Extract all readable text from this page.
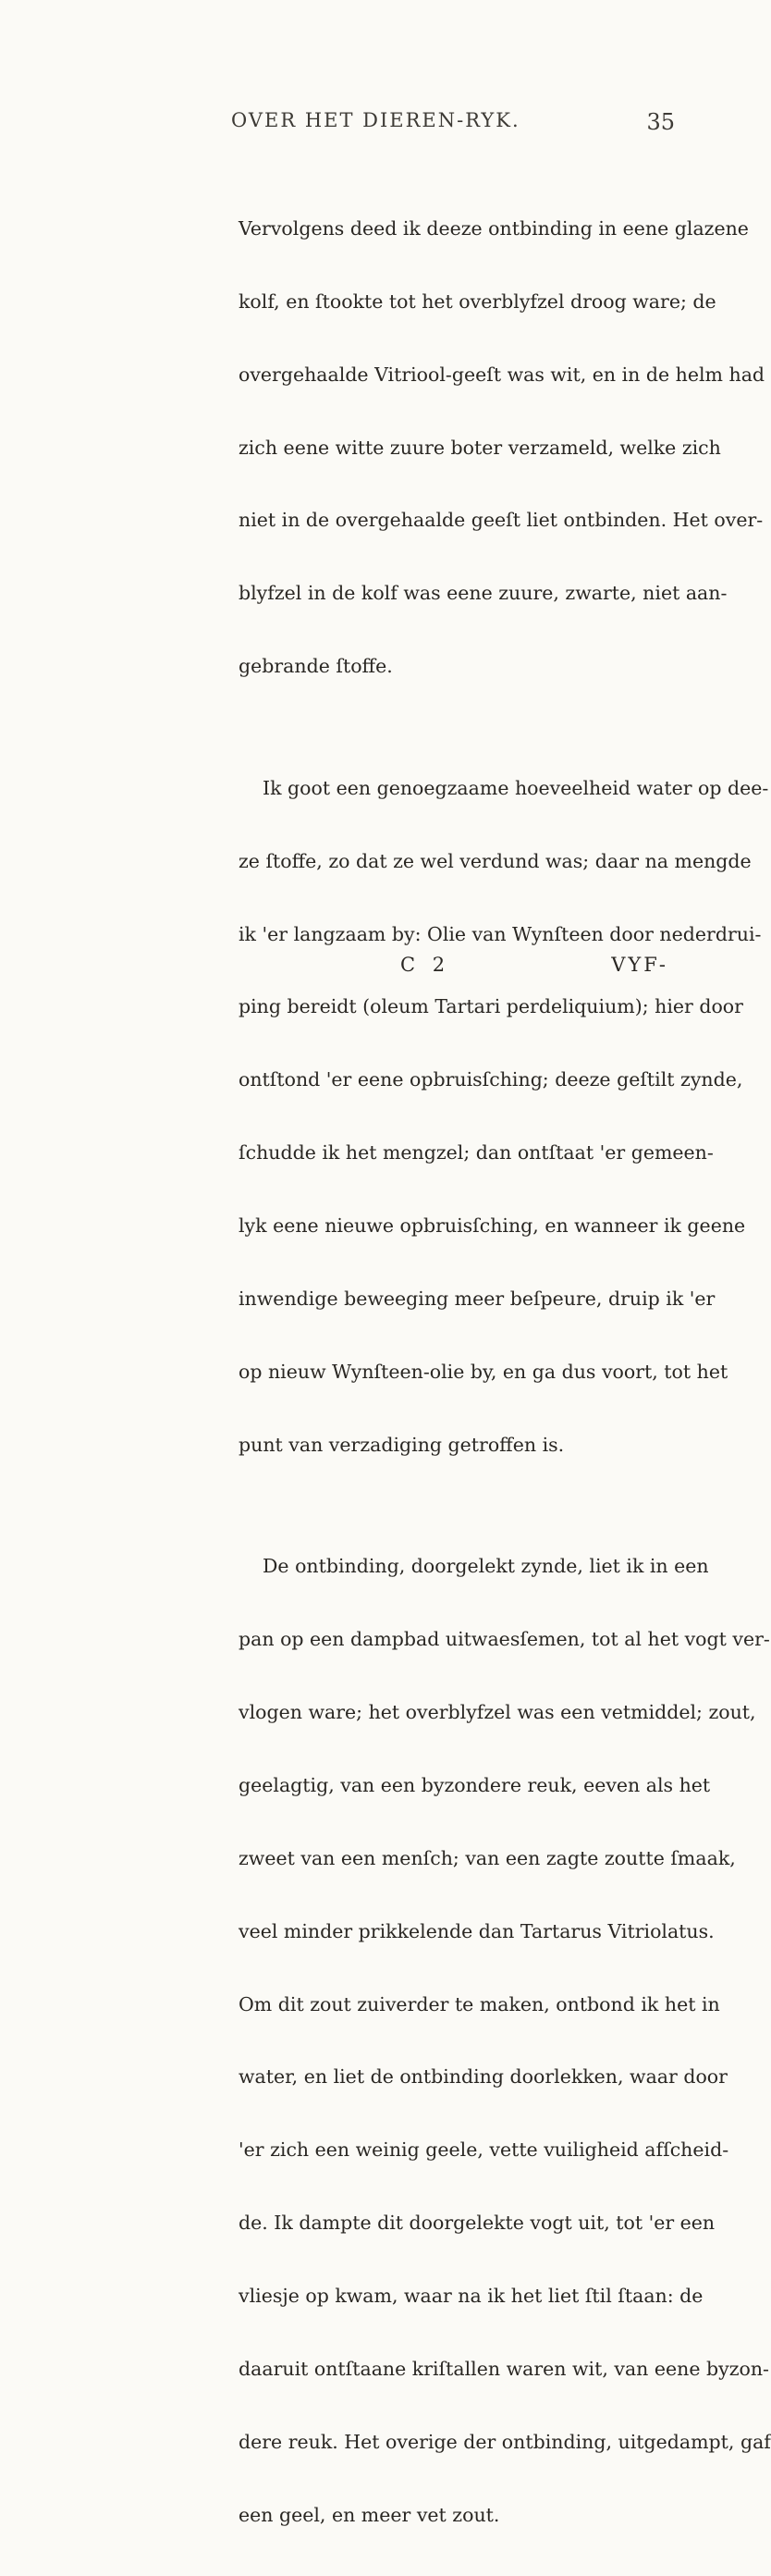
OVER HET DIEREN-RYK.	35

Vervolgens deed ik deeze ontbinding in eene glazene

kolf, en ſtookte tot het overblyfzel droog ware; de

overgehaalde Vitriool-geeſt was wit, en in de helm had

zich eene witte zuure boter verzameld, welke zich

niet in de overgehaalde geeſt liet ontbinden. Het over-

blyfzel in de kolf was eene zuure, zwarte, niet aan-

gebrande ſtoffe.

Ik goot een genoegzaame hoeveelheid water op dee-

ze ſtoffe, zo dat ze wel verdund was; daar na mengde

ik 'er langzaam by: Olie van Wynſteen door nederdrui-

ping bereidt (oleum Tartari perdeliquium); hier door

ontſtond 'er eene opbruisſching; deeze geſtilt zynde,

ſchudde ik het mengzel; dan ontſtaat 'er gemeen-

lyk eene nieuwe opbruisſching, en wanneer ik geene

inwendige beweeging meer beſpeure, druip ik 'er

op nieuw Wynſteen-olie by, en ga dus voort, tot het

punt van verzadiging getroffen is.

De ontbinding, doorgelekt zynde, liet ik in een

pan op een dampbad uitwaesſemen, tot al het vogt ver-

vlogen ware; het overblyfzel was een vetmiddel; zout,

geelagtig, van een byzondere reuk, eeven als het

zweet van een menſch; van een zagte zoutte ſmaak,

veel minder prikkelende dan Tartarus Vitriolatus.

Om dit zout zuiverder te maken, ontbond ik het in

water, en liet de ontbinding doorlekken, waar door

'er zich een weinig geele, vette vuiligheid afſcheid-

de. Ik dampte dit doorgelekte vogt uit, tot 'er een

vliesje op kwam, waar na ik het liet ſtil ſtaan: de

daaruit ontſtaane kriſtallen waren wit, van eene byzon-

dere reuk. Het overige der ontbinding, uitgedampt, gaf

een geel, en meer vet zout.

C 2	VYF-
